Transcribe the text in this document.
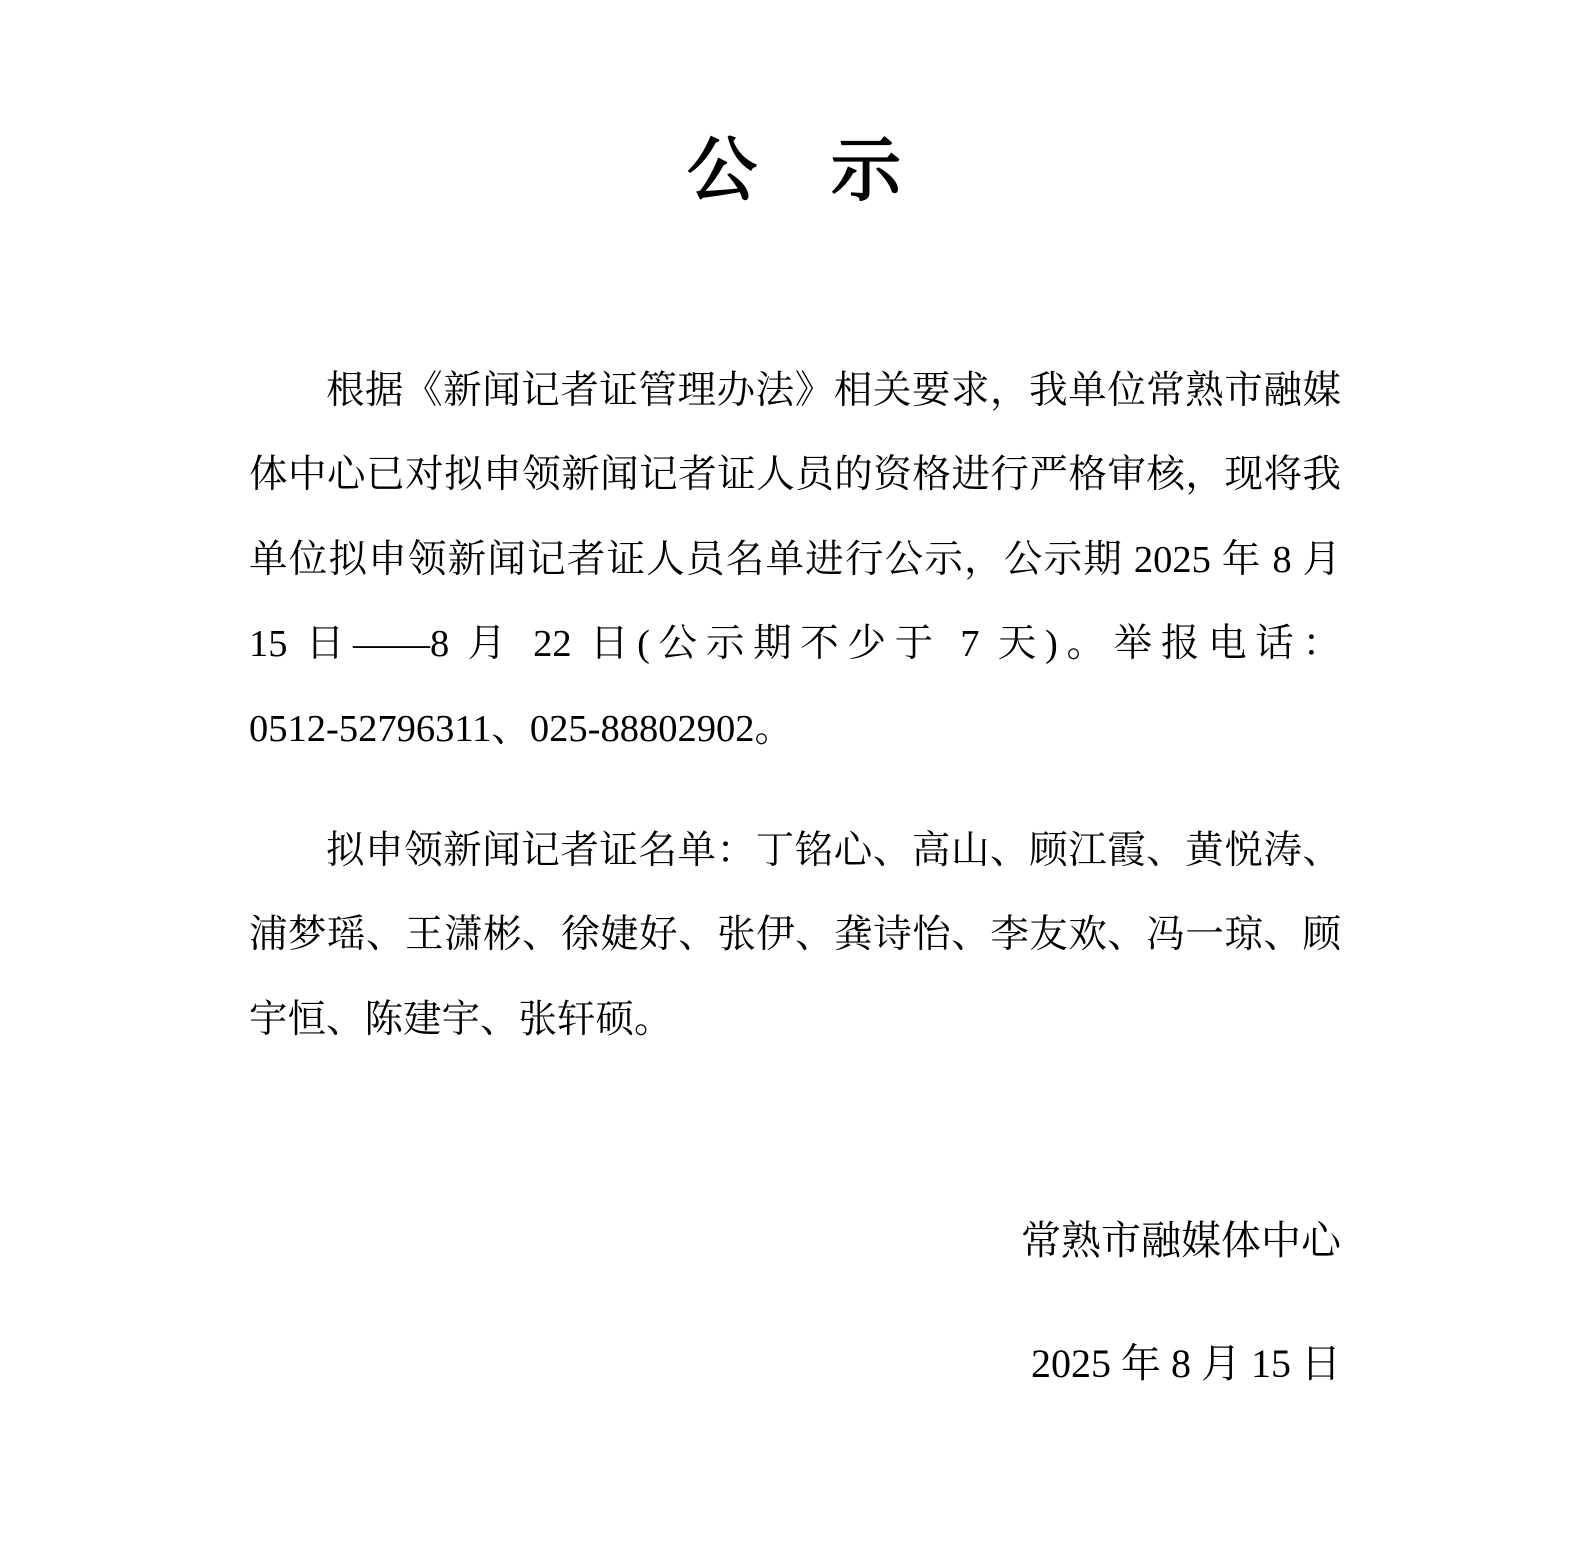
公　示

根据《新闻记者证管理办法》相关要求，我单位常熟市融媒

体中心已对拟申领新闻记者证人员的资格进行严格审核，现将我

单位拟申领新闻记者证人员名单进行公示，公示期 2025 年 8 月

15 日——8 月 22 日(公示期不少于 7 天)。举报电话：

0512-52796311、025-88802902。

拟申领新闻记者证名单：丁铭心、高山、顾江霞、黄悦涛、

浦梦瑶、王潇彬、徐婕好、张伊、龚诗怡、李友欢、冯一琼、顾

宇恒、陈建宇、张轩硕。

常熟市融媒体中心

2025 年 8 月 15 日
